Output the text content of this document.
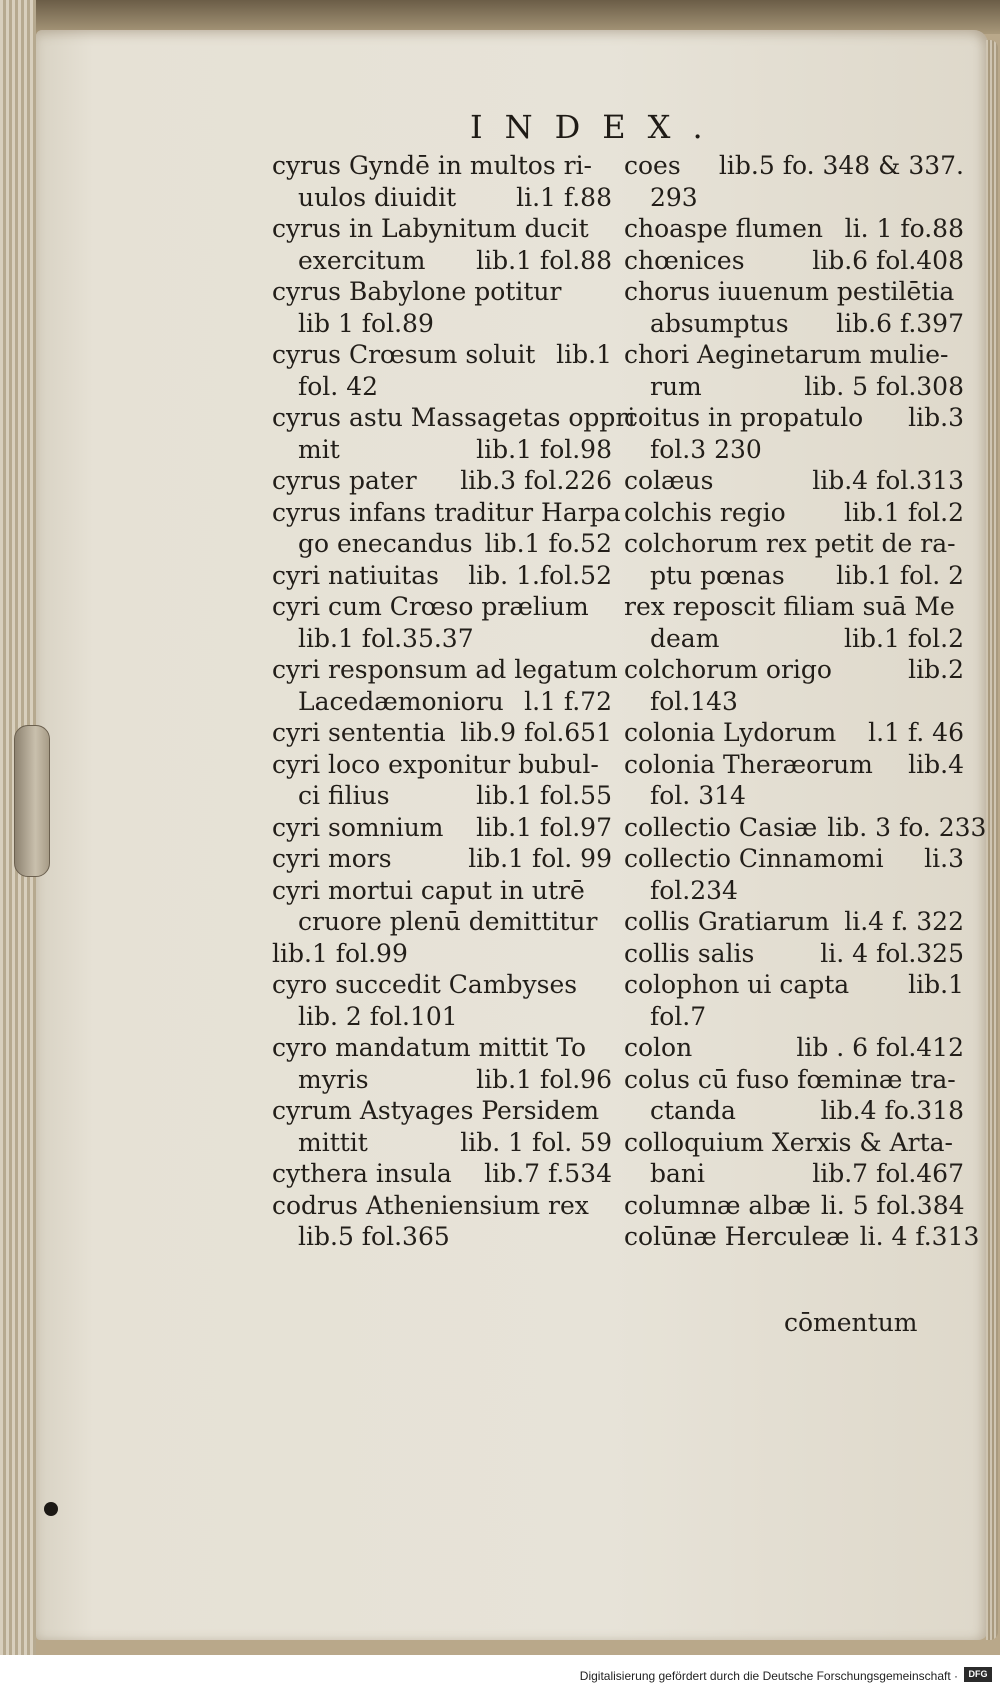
INDEX.
cyrus Gyndē in multos ri-
uulos diuidit	li.1 f.88
cyrus in Labynitum ducit
exercitum	lib.1 fol.88
cyrus Babylone potitur
lib 1 fol.89
cyrus Crœsum soluit lib.1
fol. 42
cyrus astu Massagetas oppri
mit	lib.1 fol.98
cyrus pater	lib.3 fol.226
cyrus infans traditur Harpa
go enecandus lib.1 fo.52
cyri natiuitas	lib. 1.fol.52
cyri cum Crœso prælium
lib.1 fol.35.37
cyri responsum ad legatum
Lacedæmonioru l.1 f.72
cyri sententia lib.9 fol.651
cyri loco exponitur bubul-
ci filius	lib.1 fol.55
cyri somnium	lib.1 fol.97
cyri mors	lib.1 fol. 99
cyri mortui caput in utrē
cruore plenū demittitur
lib.1 fol.99
cyro succedit Cambyses
lib. 2 fol.101
cyro mandatum mittit To
myris	lib.1 fol.96
cyrum Astyages Persidem
mittit	lib. 1 fol. 59
cythera insula	lib.7 f.534
codrus Atheniensium rex
lib.5 fol.365
coes	lib.5 fo. 348 & 337.
293
choaspe flumen li. 1 fo.88
chœnices	lib.6 fol.408
chorus iuuenum pestilētia
absumptus	lib.6 f.397
chori Aeginetarum mulie-
rum	lib. 5 fol.308
coitus in propatulo	lib.3
fol.3 230
colæus	lib.4 fol.313
colchis regio	lib.1 fol.2
colchorum rex petit de ra-
ptu pœnas	lib.1 fol. 2
rex reposcit filiam suā Me
deam	lib.1 fol.2
colchorum origo	lib.2
fol.143
colonia Lydorum	l.1 f. 46
colonia Theræorum	lib.4
fol. 314
collectio Casiæ lib. 3 fo. 233
collectio Cinnamomi	li.3
fol.234
collis Gratiarum li.4 f. 322
collis salis	li. 4 fol.325
colophon ui capta	lib.1
fol.7
colon	lib . 6 fol.412
colus cū fuso fœminæ tra-
ctanda	lib.4 fo.318
colloquium Xerxis & Arta-
bani	lib.7 fol.467
columnæ albæ li. 5 fol.384
colūnæ Herculeæ li. 4 f.313
cōmentum
Digitalisierung gefördert durch die Deutsche Forschungsgemeinschaft ·	DFG
